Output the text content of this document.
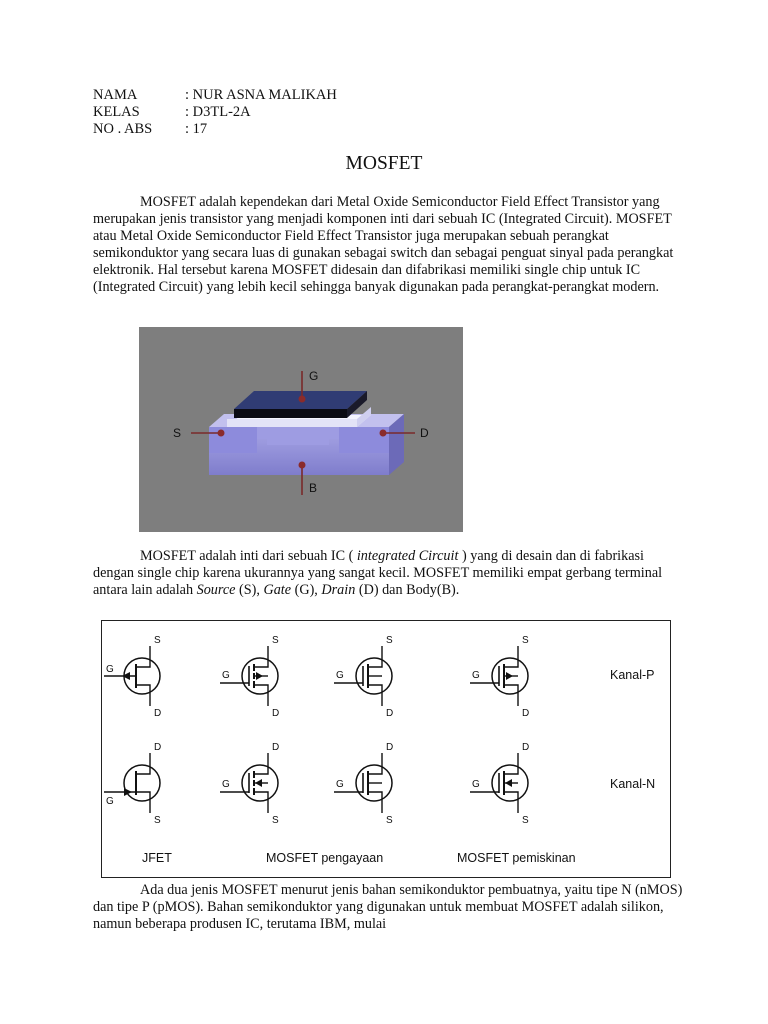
NAMA	: NUR ASNA MALIKAH
KELAS	: D3TL-2A
NO . ABS	: 17
MOSFET
MOSFET adalah kependekan dari Metal Oxide Semiconductor Field Effect Transistor yang merupakan jenis transistor yang menjadi komponen inti dari sebuah IC (Integrated Circuit). MOSFET atau Metal Oxide Semiconductor Field Effect Transistor juga merupakan sebuah perangkat semikonduktor yang secara luas di gunakan sebagai switch dan sebagai penguat sinyal pada perangkat elektronik. Hal tersebut karena MOSFET didesain dan difabrikasi memiliki single chip untuk IC (Integrated Circuit) yang lebih kecil sehingga banyak digunakan pada perangkat-perangkat modern.
G
S	D
B
MOSFET adalah inti dari sebuah IC ( integrated Circuit ) yang di desain dan di fabrikasi dengan single chip karena ukurannya yang sangat kecil. MOSFET memiliki empat gerbang terminal antara lain adalah Source (S), Gate (G), Drain (D) dan Body(B).
G
S
D
G
S
D
G
S
D
G
S
D
G
D
S
G
D
S
G
D
S
G
D
S
Kanal-P
Kanal-N
JFET	MOSFET pengayaan	MOSFET pemiskinan
Ada dua jenis MOSFET menurut jenis bahan semikonduktor pembuatnya, yaitu tipe N (nMOS) dan tipe P (pMOS). Bahan semikonduktor yang digunakan untuk membuat MOSFET adalah silikon, namun beberapa produsen IC, terutama IBM, mulai
